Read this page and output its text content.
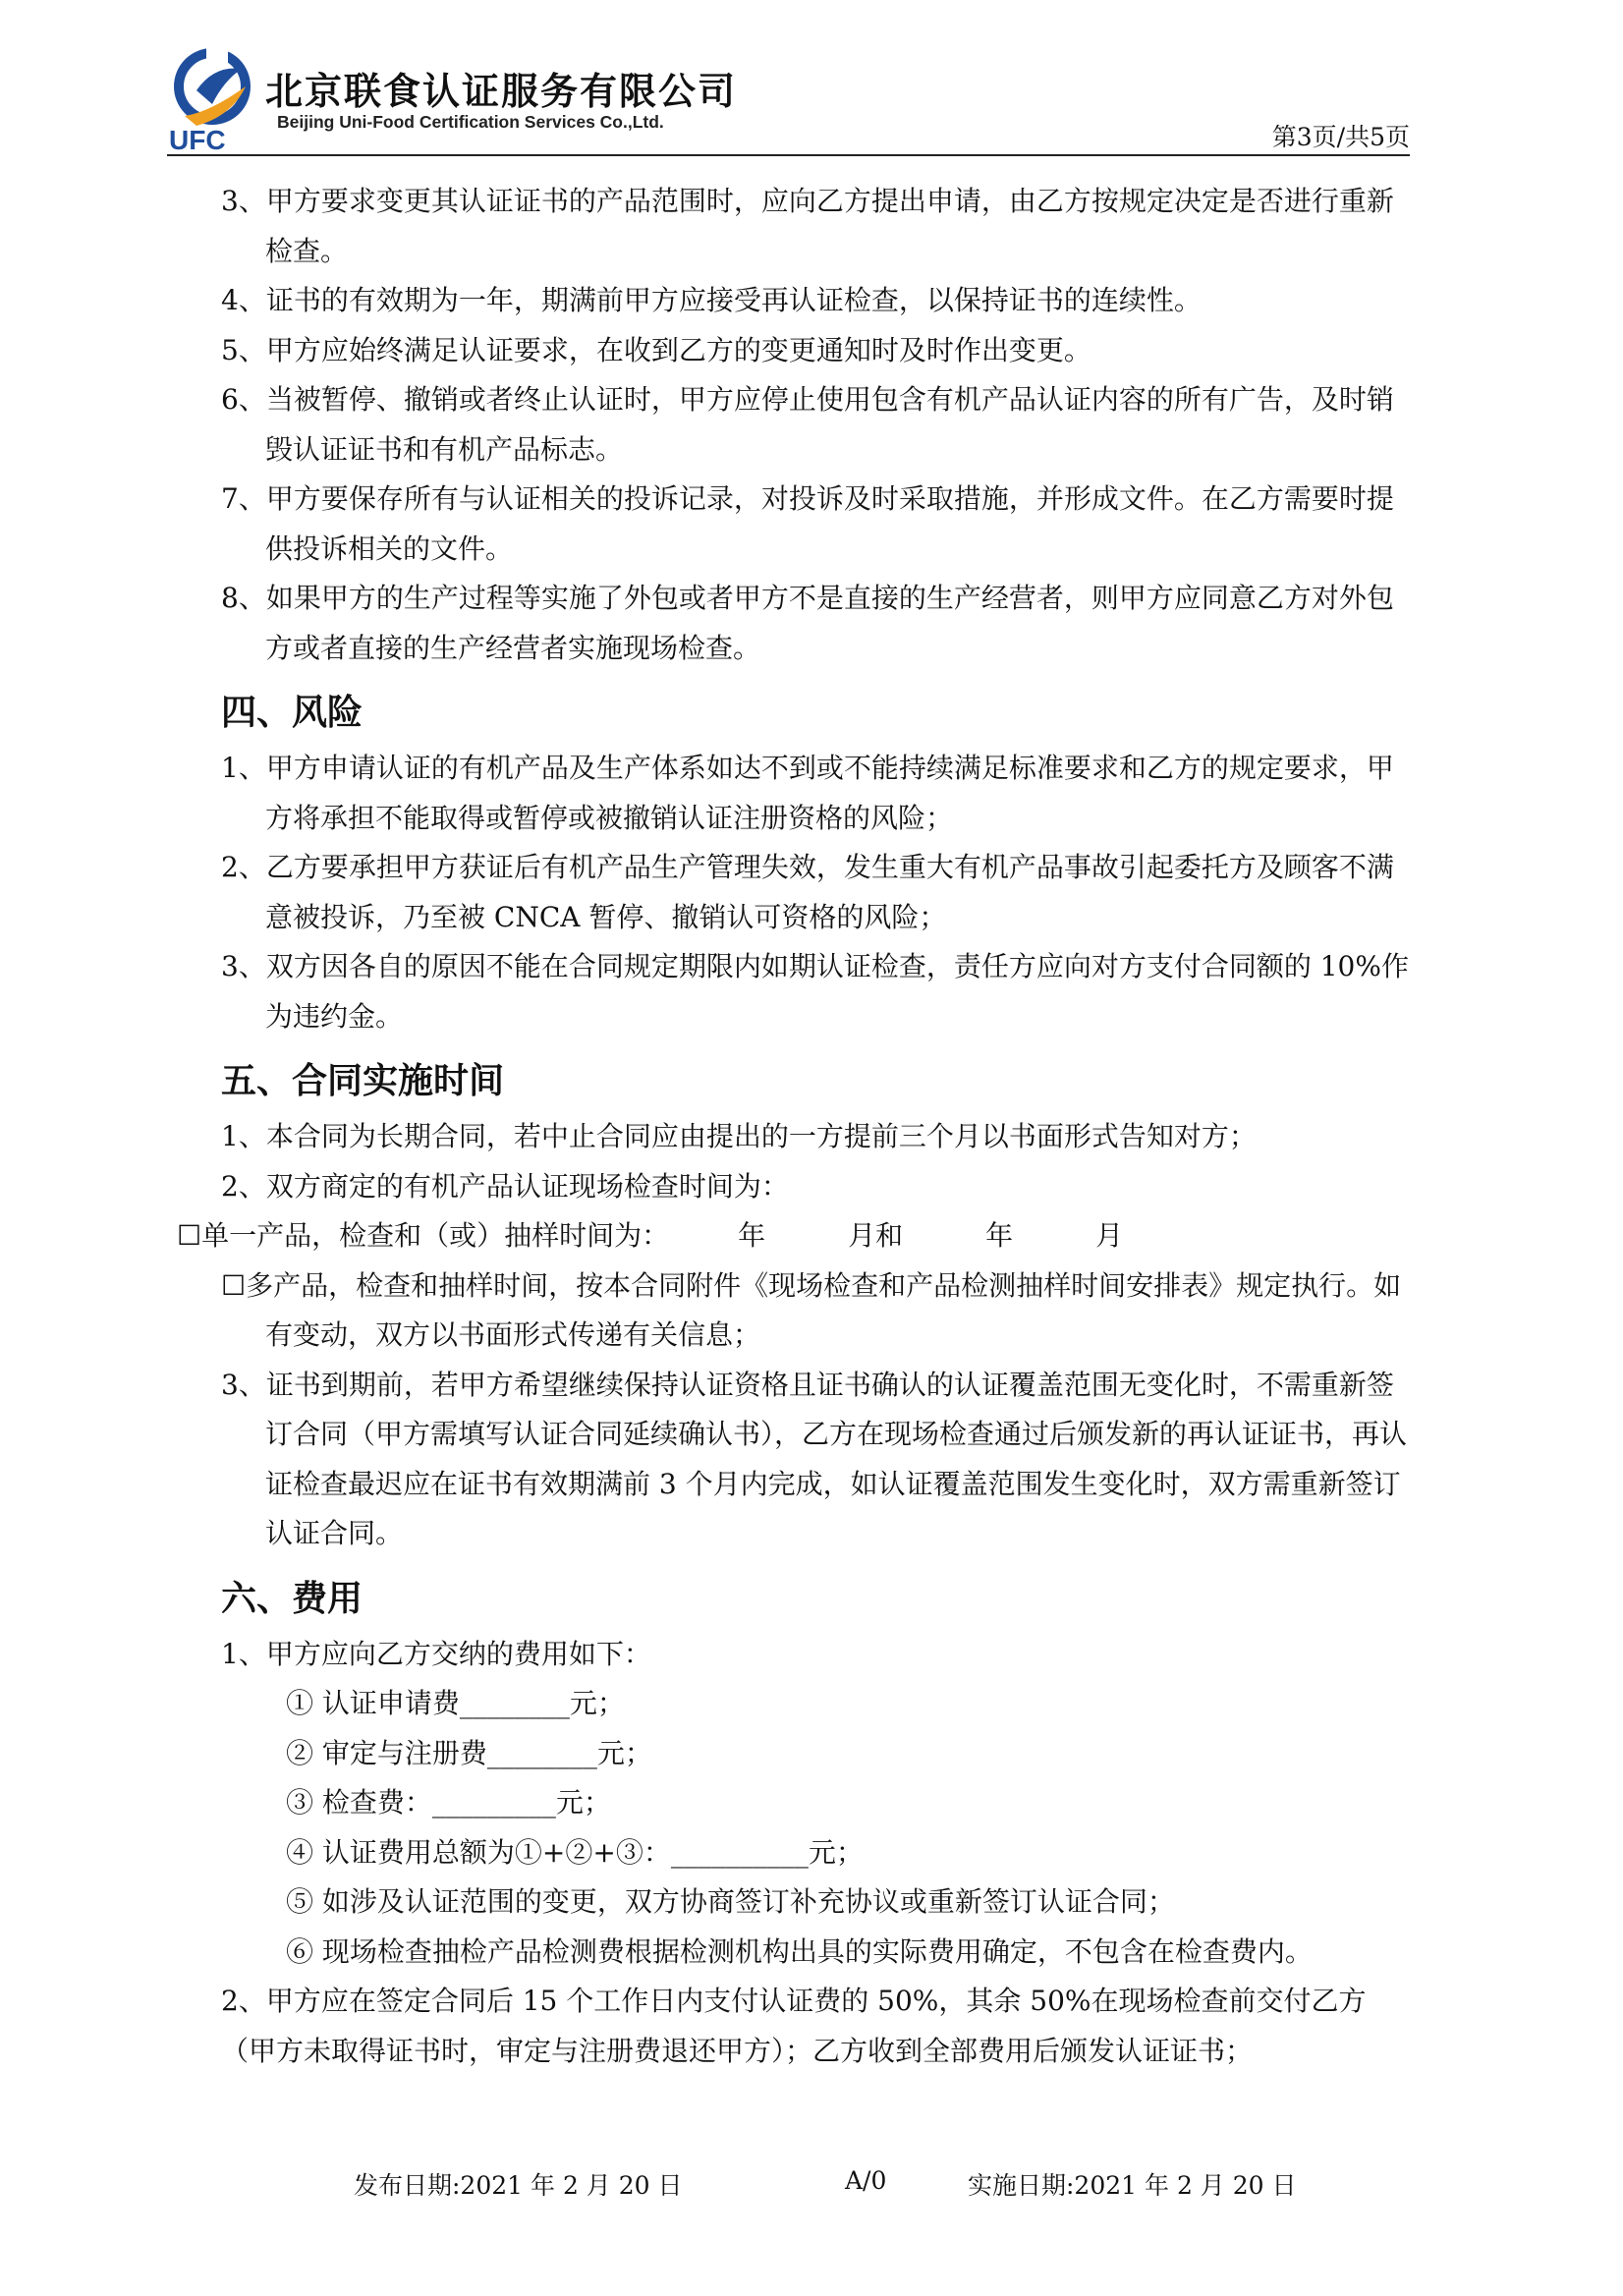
UFC
北京联食认证服务有限公司
Beijing Uni-Food Certification Services Co.,Ltd.
第3页/共5页

3、甲方要求变更其认证证书的产品范围时，应向乙方提出申请，由乙方按规定决定是否进行重新检查。

4、证书的有效期为一年，期满前甲方应接受再认证检查，以保持证书的连续性。

5、甲方应始终满足认证要求，在收到乙方的变更通知时及时作出变更。

6、当被暂停、撤销或者终止认证时，甲方应停止使用包含有机产品认证内容的所有广告，及时销毁认证证书和有机产品标志。

7、甲方要保存所有与认证相关的投诉记录，对投诉及时采取措施，并形成文件。在乙方需要时提供投诉相关的文件。

8、如果甲方的生产过程等实施了外包或者甲方不是直接的生产经营者，则甲方应同意乙方对外包方或者直接的生产经营者实施现场检查。

四、风险

1、甲方申请认证的有机产品及生产体系如达不到或不能持续满足标准要求和乙方的规定要求，甲方将承担不能取得或暂停或被撤销认证注册资格的风险；

2、乙方要承担甲方获证后有机产品生产管理失效，发生重大有机产品事故引起委托方及顾客不满意被投诉，乃至被 CNCA 暂停、撤销认可资格的风险；

3、双方因各自的原因不能在合同规定期限内如期认证检查，责任方应向对方支付合同额的 10%作为违约金。

五、合同实施时间

1、本合同为长期合同，若中止合同应由提出的一方提前三个月以书面形式告知对方；

2、双方商定的有机产品认证现场检查时间为：

☐单一产品，检查和（或）抽样时间为：　　　年　　　月和　　　年　　　月

☐多产品，检查和抽样时间，按本合同附件《现场检查和产品检测抽样时间安排表》规定执行。如有变动，双方以书面形式传递有关信息；

3、证书到期前，若甲方希望继续保持认证资格且证书确认的认证覆盖范围无变化时，不需重新签订合同（甲方需填写认证合同延续确认书），乙方在现场检查通过后颁发新的再认证证书，再认证检查最迟应在证书有效期满前 3 个月内完成，如认证覆盖范围发生变化时，双方需重新签订认证合同。

六、费用

1、甲方应向乙方交纳的费用如下：

① 认证申请费________元；

② 审定与注册费________元；

③ 检查费：_________元；

④ 认证费用总额为①+②+③：__________元；

⑤ 如涉及认证范围的变更，双方协商签订补充协议或重新签订认证合同；

⑥ 现场检查抽检产品检测费根据检测机构出具的实际费用确定，不包含在检查费内。

2、甲方应在签定合同后 15 个工作日内支付认证费的 50%，其余 50%在现场检查前交付乙方（甲方未取得证书时，审定与注册费退还甲方）；乙方收到全部费用后颁发认证证书；

发布日期:2021 年 2 月 20 日	A/0	实施日期:2021 年 2 月 20 日
